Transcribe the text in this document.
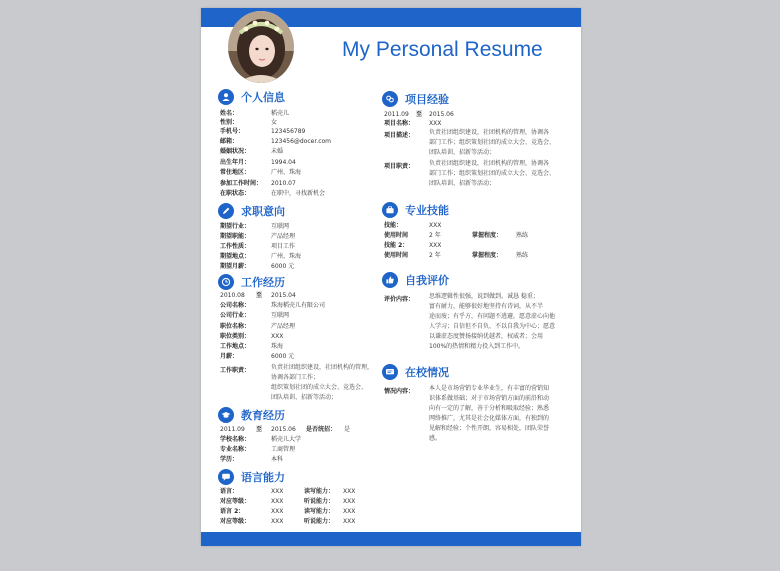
My Personal Resume
个人信息
姓名：	稻壳儿
性别：	女
手机号：	123456789
邮箱：	123456@docer.com
婚姻状况：	未婚
出生年月：	1994.04
常住地区：	广州、珠海
参加工作时间： 2010.07
在职状态：	在职中，寻找新机会
求职意向
期望行业：	互联网
期望职能：	产品经理
工作性质：	项目工作
期望地点：	广州、珠海
期望月薪：	6000 元
工作经历
2010.08 至 2015.04
公司名称：	珠海稻壳儿有限公司
公司行业：	互联网
职位名称：	产品经理
职位类别：	XXX
工作地点：	珠海
月薪：	6000 元
工作职责：	负责社团组织建设，社团机构的管理，
协调各部门工作；
组织策划社团的成立大会、竞选会、
团队培训、招新等活动；
教育经历
2011.09 至 2015.06 是否统招： 是
学校名称：	稻壳儿大学
专业名称：	工商管理
学历：	本科
语言能力
语言：	XXX	读写能力： XXX
对应等级：	XXX	听说能力： XXX
语言 2：	XXX	读写能力： XXX
对应等级：	XXX	听说能力： XXX
项目经验
2011.09 至 2015.06
项目名称： XXX
项目描述： 负责社团组织建设，社团机构的管理，协调各
部门工作；组织策划社团的成立大会、竞选会、
团队培训、招新等活动；
项目职责： 负责社团组织建设，社团机构的管理，协调各
部门工作；组织策划社团的成立大会、竞选会、
团队培训、招新等活动；
专业技能
技能：	XXX
使用时间	2 年	掌握程度： 熟练
技能 2：	XXX
使用时间	2 年	掌握程度： 熟练
自我评价
评价内容： 思维逻辑性很强，说到做到。诚恳 稳重；
富有耐力，能够很好地坚持有诗词，从不半
途而废；有乎方，有问题不逃避，愿意虚心向他
人学习；自信但不自负，不以自我为中心；愿意
以谦虚态度赞扬接纳优越者，权威者；会用
100%的热情和精力投入到工作中。
在校情况
情况内容： 本人是市场营销专业毕业生，有丰富的营销知
识体系做基础；对于市场营销方面的前沿和动
向有一定的了解，善于分析和吸取经验；熟悉
网络推广，尤其是社会化媒体方面，有独到的
见解和经验；个性开朗，容易相处，团队荣誉
感。
